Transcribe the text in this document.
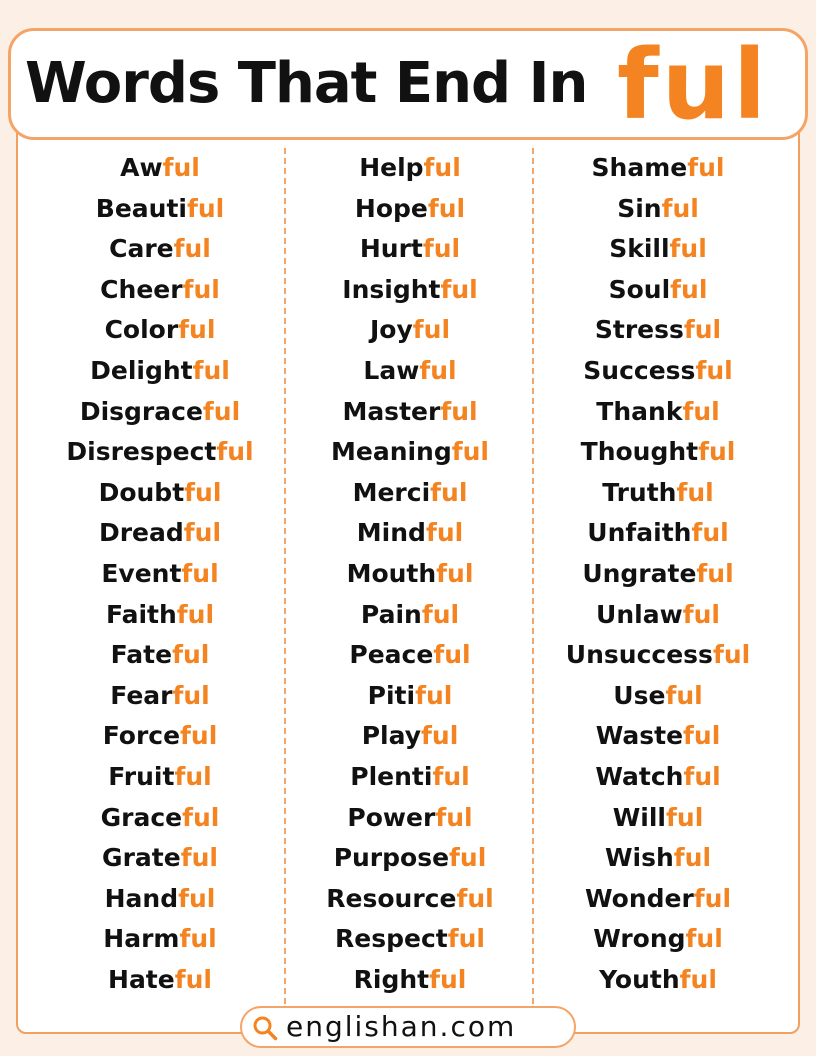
Words That End In ful
Awful
Beautiful
Careful
Cheerful
Colorful
Delightful
Disgraceful
Disrespectful
Doubtful
Dreadful
Eventful
Faithful
Fateful
Fearful
Forceful
Fruitful
Graceful
Grateful
Handful
Harmful
Hateful
Helpful
Hopeful
Hurtful
Insightful
Joyful
Lawful
Masterful
Meaningful
Merciful
Mindful
Mouthful
Painful
Peaceful
Pitiful
Playful
Plentiful
Powerful
Purposeful
Resourceful
Respectful
Rightful
Shameful
Sinful
Skillful
Soulful
Stressful
Successful
Thankful
Thoughtful
Truthful
Unfaithful
Ungrateful
Unlawful
Unsuccessful
Useful
Wasteful
Watchful
Willful
Wishful
Wonderful
Wrongful
Youthful
englishan.com
